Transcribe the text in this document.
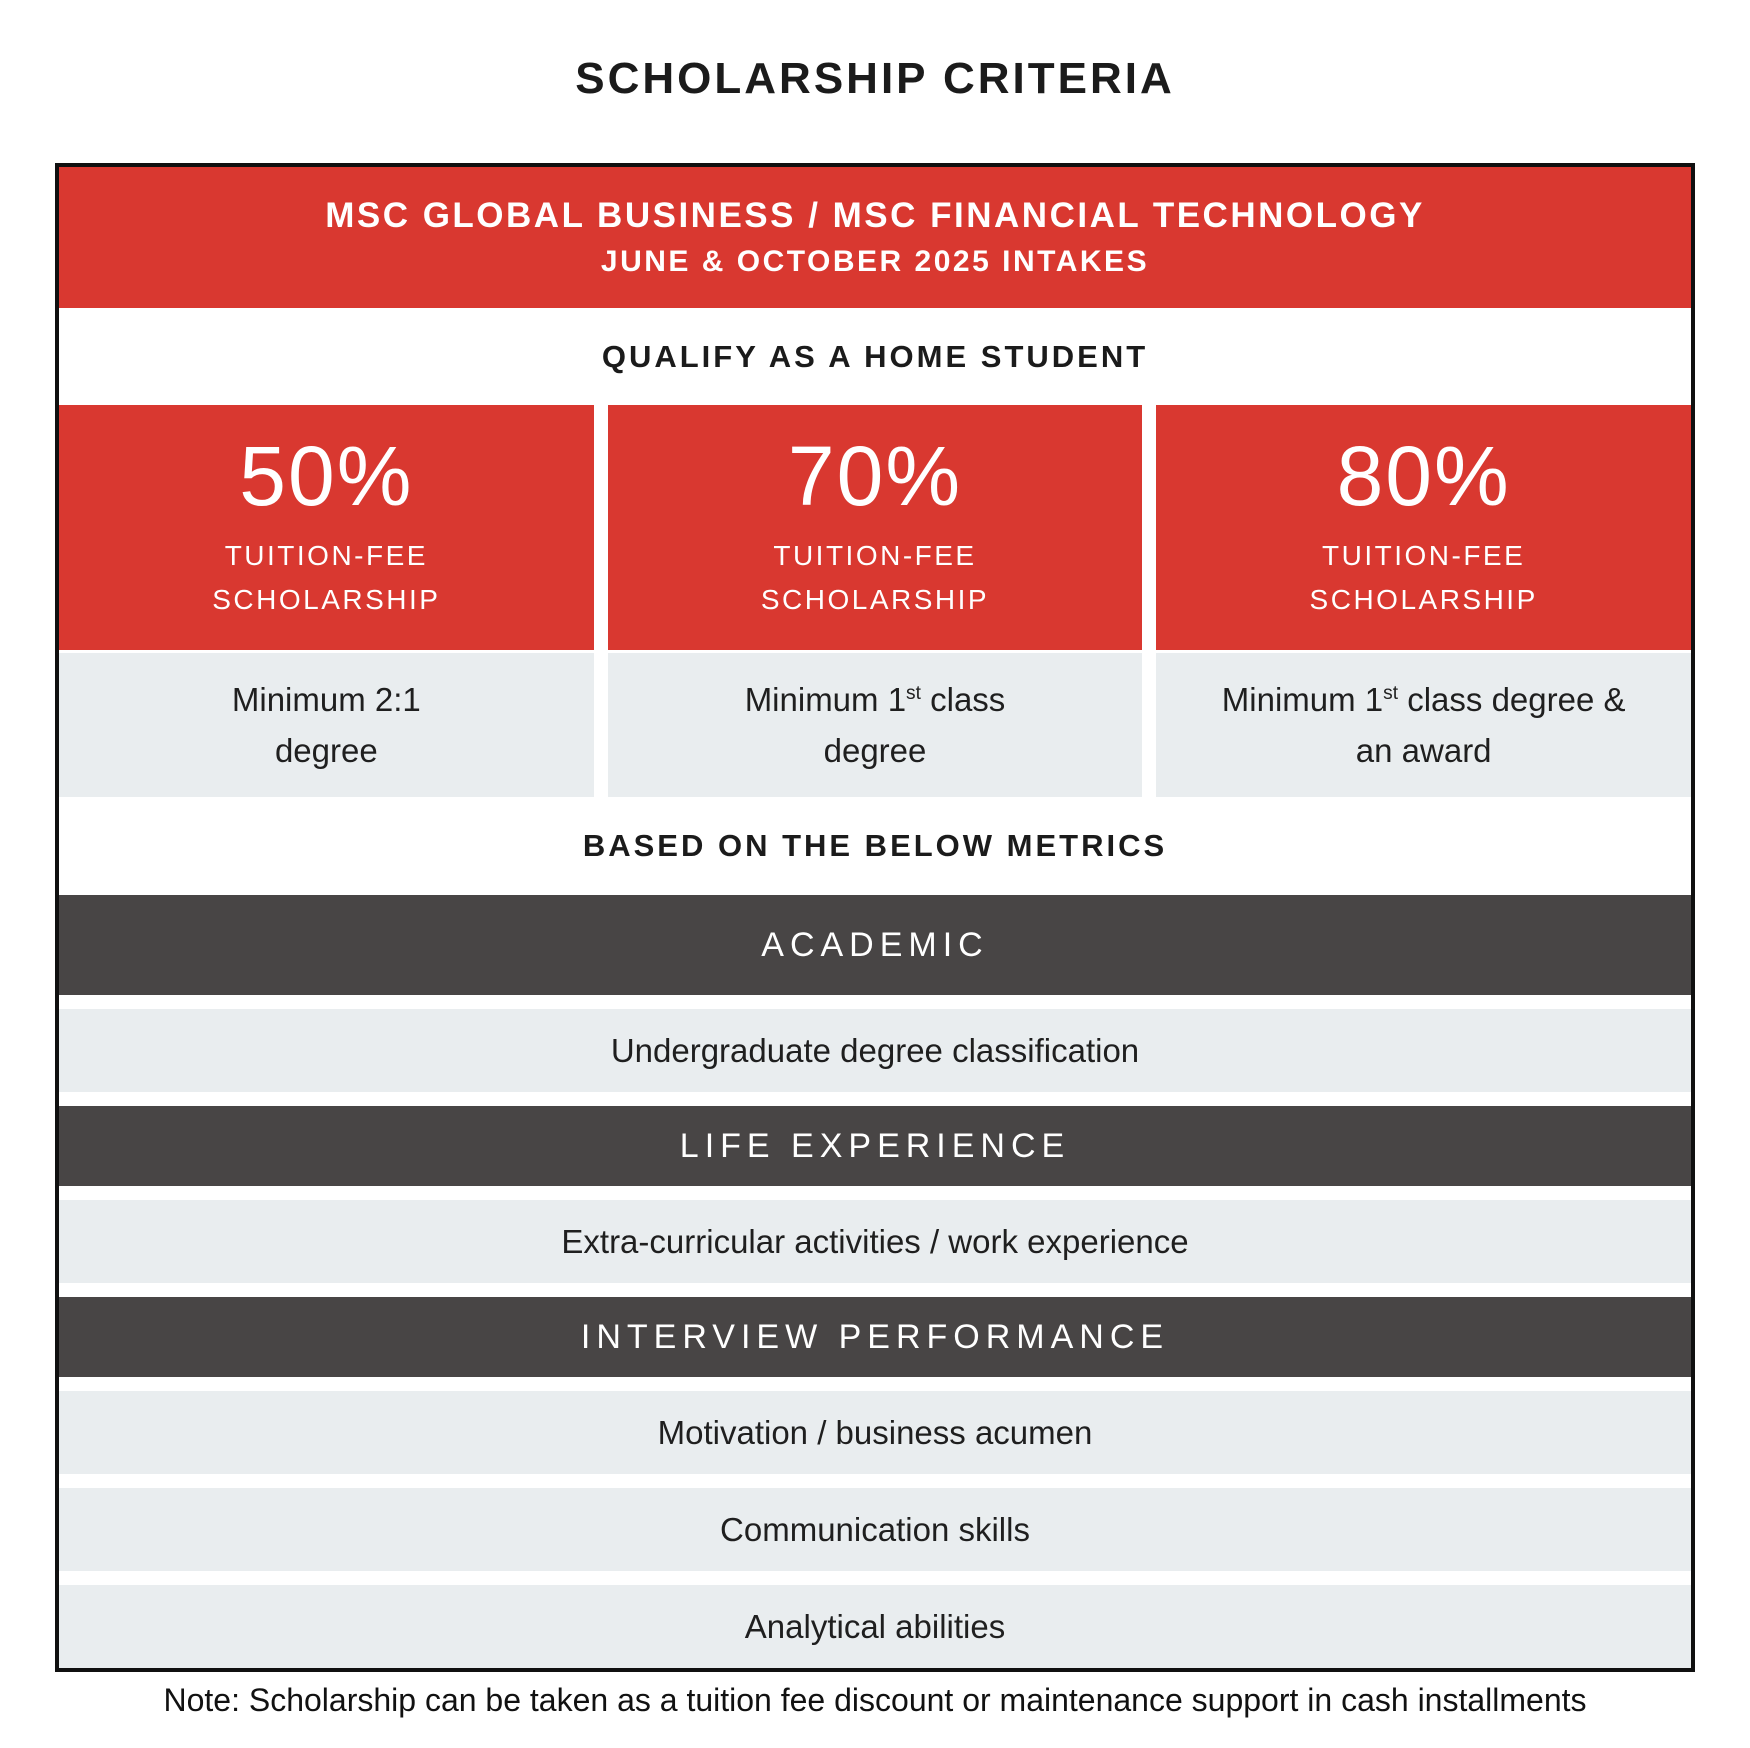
SCHOLARSHIP CRITERIA
MSC GLOBAL BUSINESS / MSC FINANCIAL TECHNOLOGY
JUNE & OCTOBER 2025 INTAKES
QUALIFY AS A HOME STUDENT
50%
TUITION-FEE
SCHOLARSHIP
70%
TUITION-FEE
SCHOLARSHIP
80%
TUITION-FEE
SCHOLARSHIP
Minimum 2:1
degree
Minimum 1st class
degree
Minimum 1st class degree &
an award
BASED ON THE BELOW METRICS
ACADEMIC
Undergraduate degree classification
LIFE EXPERIENCE
Extra-curricular activities / work experience
INTERVIEW PERFORMANCE
Motivation / business acumen
Communication skills
Analytical abilities
Note: Scholarship can be taken as a tuition fee discount or maintenance support in cash installments
